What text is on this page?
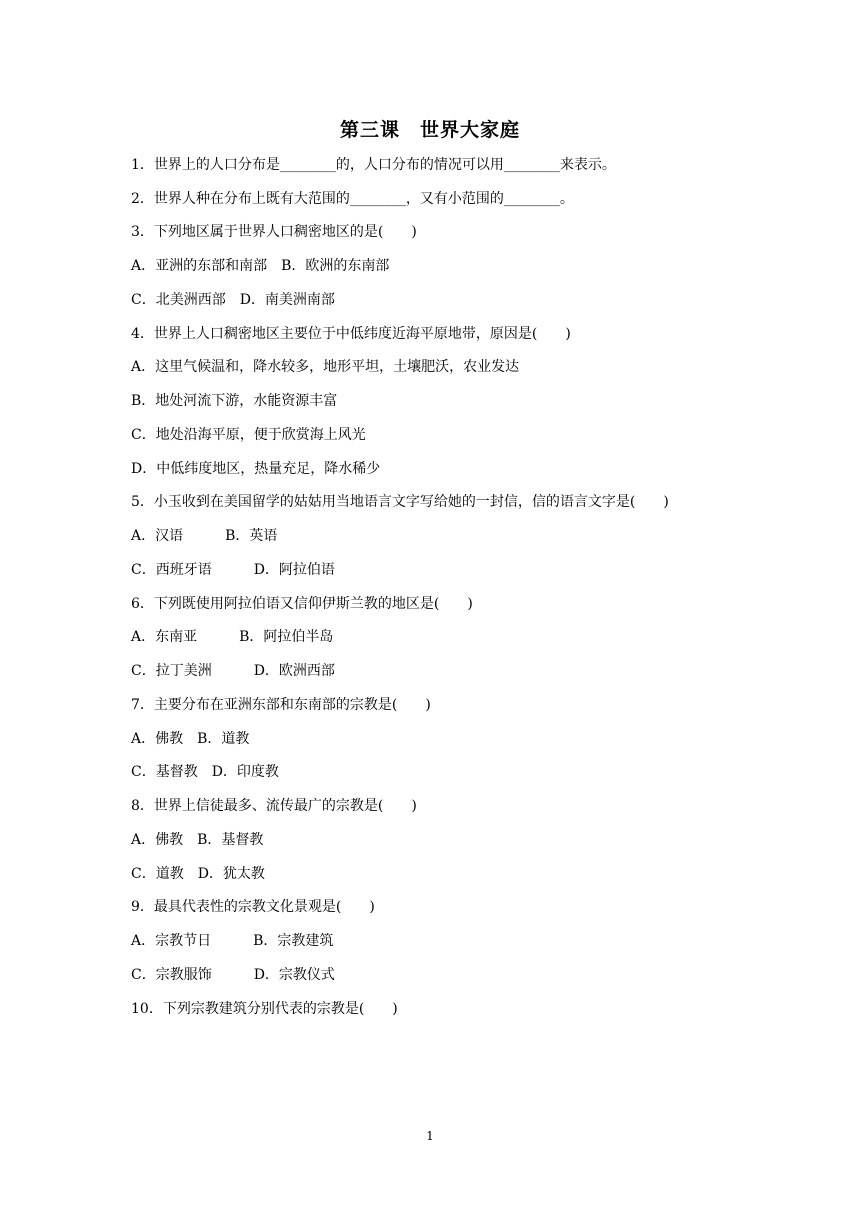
第三课　世界大家庭
1．世界上的人口分布是________的，人口分布的情况可以用________来表示。
2．世界人种在分布上既有大范围的________，又有小范围的________。
3．下列地区属于世界人口稠密地区的是(　　)
A．亚洲的东部和南部　B．欧洲的东南部
C．北美洲西部　D．南美洲南部
4．世界上人口稠密地区主要位于中低纬度近海平原地带，原因是(　　)
A．这里气候温和，降水较多，地形平坦，土壤肥沃，农业发达
B．地处河流下游，水能资源丰富
C．地处沿海平原，便于欣赏海上风光
D．中低纬度地区，热量充足，降水稀少
5．小玉收到在美国留学的姑姑用当地语言文字写给她的一封信，信的语言文字是(　　)
A．汉语　　　B．英语
C．西班牙语　　　D．阿拉伯语
6．下列既使用阿拉伯语又信仰伊斯兰教的地区是(　　)
A．东南亚　　　B．阿拉伯半岛
C．拉丁美洲　　　D．欧洲西部
7．主要分布在亚洲东部和东南部的宗教是(　　)
A．佛教　B．道教
C．基督教　D．印度教
8．世界上信徒最多、流传最广的宗教是(　　)
A．佛教　B．基督教
C．道教　D．犹太教
9．最具代表性的宗教文化景观是(　　)
A．宗教节日　　　B．宗教建筑
C．宗教服饰　　　D．宗教仪式
10．下列宗教建筑分别代表的宗教是(　　)
1
